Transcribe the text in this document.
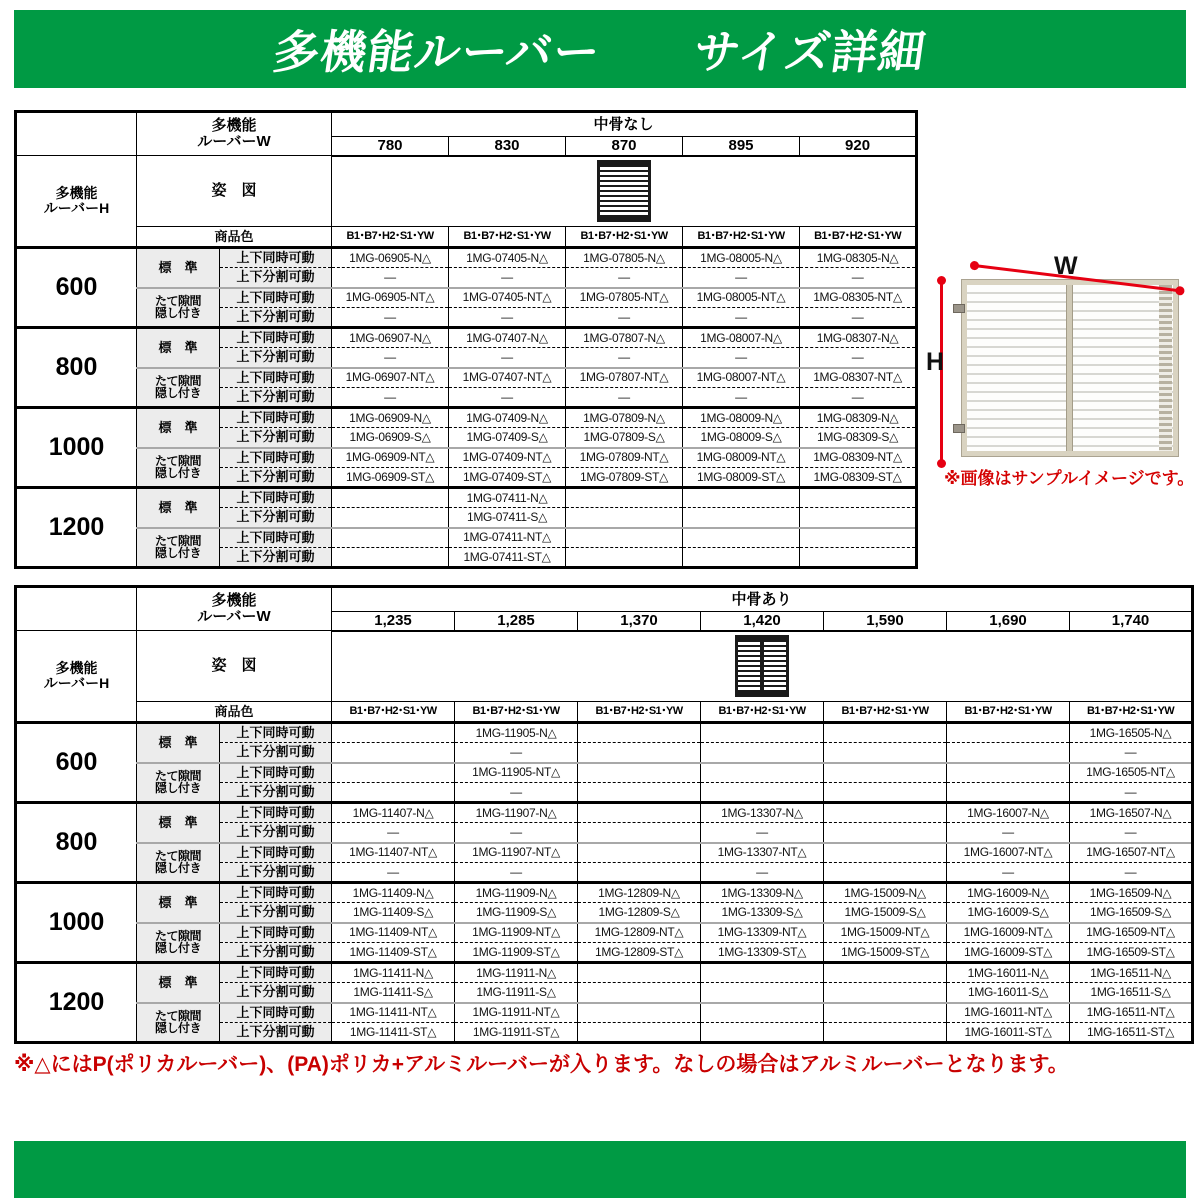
多機能ルーバー　　サイズ詳細
	多機能
ルーバーW		中骨なし				
			780	830	870	895	920
多機能
ルーバーH	姿　図						

	商品色		B1･B7･H2･S1･YW	B1･B7･H2･S1･YW	B1･B7･H2･S1･YW	B1･B7･H2･S1･YW	B1･B7･H2･S1･YW
600	標　準	上下同時可動	1MG-06905-N△	1MG-07405-N△	1MG-07805-N△	1MG-08005-N△	1MG-08305-N△
		上下分割可動	―	―	―	―	―
	たて隙間
隠し付き	上下同時可動	1MG-06905-NT△	1MG-07405-NT△	1MG-07805-NT△	1MG-08005-NT△	1MG-08305-NT△
		上下分割可動	―	―	―	―	―
800	標　準	上下同時可動	1MG-06907-N△	1MG-07407-N△	1MG-07807-N△	1MG-08007-N△	1MG-08307-N△
		上下分割可動	―	―	―	―	―
	たて隙間
隠し付き	上下同時可動	1MG-06907-NT△	1MG-07407-NT△	1MG-07807-NT△	1MG-08007-NT△	1MG-08307-NT△
		上下分割可動	―	―	―	―	―
1000	標　準	上下同時可動	1MG-06909-N△	1MG-07409-N△	1MG-07809-N△	1MG-08009-N△	1MG-08309-N△
		上下分割可動	1MG-06909-S△	1MG-07409-S△	1MG-07809-S△	1MG-08009-S△	1MG-08309-S△
	たて隙間
隠し付き	上下同時可動	1MG-06909-NT△	1MG-07409-NT△	1MG-07809-NT△	1MG-08009-NT△	1MG-08309-NT△
		上下分割可動	1MG-06909-ST△	1MG-07409-ST△	1MG-07809-ST△	1MG-08009-ST△	1MG-08309-ST△
1200	標　準	上下同時可動		1MG-07411-N△			
		上下分割可動		1MG-07411-S△			
	たて隙間
隠し付き	上下同時可動		1MG-07411-NT△			
		上下分割可動		1MG-07411-ST△			
W
H
※画像はサンプルイメージです。
	多機能
ルーバーW		中骨あり						
			1,235	1,285	1,370	1,420	1,590	1,690	1,740
多機能
ルーバーH	姿　図								

	商品色		B1･B7･H2･S1･YW	B1･B7･H2･S1･YW	B1･B7･H2･S1･YW	B1･B7･H2･S1･YW	B1･B7･H2･S1･YW	B1･B7･H2･S1･YW	B1･B7･H2･S1･YW
600	標　準	上下同時可動		1MG-11905-N△					1MG-16505-N△
		上下分割可動		―					―
	たて隙間
隠し付き	上下同時可動		1MG-11905-NT△					1MG-16505-NT△
		上下分割可動		―					―
800	標　準	上下同時可動	1MG-11407-N△	1MG-11907-N△		1MG-13307-N△		1MG-16007-N△	1MG-16507-N△
		上下分割可動	―	―		―		―	―
	たて隙間
隠し付き	上下同時可動	1MG-11407-NT△	1MG-11907-NT△		1MG-13307-NT△		1MG-16007-NT△	1MG-16507-NT△
		上下分割可動	―	―		―		―	―
1000	標　準	上下同時可動	1MG-11409-N△	1MG-11909-N△	1MG-12809-N△	1MG-13309-N△	1MG-15009-N△	1MG-16009-N△	1MG-16509-N△
		上下分割可動	1MG-11409-S△	1MG-11909-S△	1MG-12809-S△	1MG-13309-S△	1MG-15009-S△	1MG-16009-S△	1MG-16509-S△
	たて隙間
隠し付き	上下同時可動	1MG-11409-NT△	1MG-11909-NT△	1MG-12809-NT△	1MG-13309-NT△	1MG-15009-NT△	1MG-16009-NT△	1MG-16509-NT△
		上下分割可動	1MG-11409-ST△	1MG-11909-ST△	1MG-12809-ST△	1MG-13309-ST△	1MG-15009-ST△	1MG-16009-ST△	1MG-16509-ST△
1200	標　準	上下同時可動	1MG-11411-N△	1MG-11911-N△				1MG-16011-N△	1MG-16511-N△
		上下分割可動	1MG-11411-S△	1MG-11911-S△				1MG-16011-S△	1MG-16511-S△
	たて隙間
隠し付き	上下同時可動	1MG-11411-NT△	1MG-11911-NT△				1MG-16011-NT△	1MG-16511-NT△
		上下分割可動	1MG-11411-ST△	1MG-11911-ST△				1MG-16011-ST△	1MG-16511-ST△
※△にはP(ポリカルーバー)、(PA)ポリカ+アルミルーバーが入ります。なしの場合はアルミルーバーとなります。
